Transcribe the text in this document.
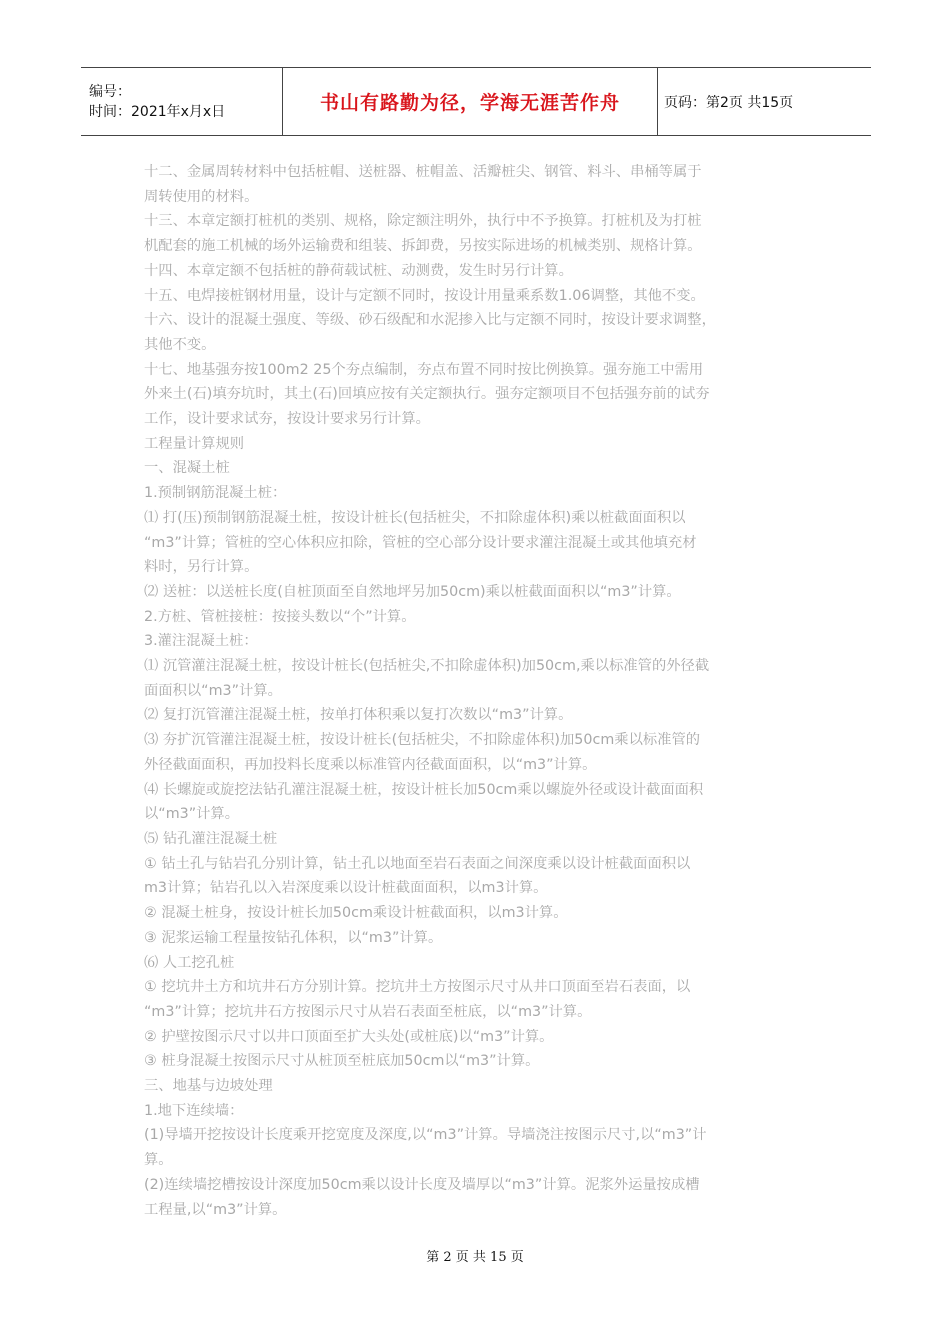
编号：
时间：2021年x月x日	书山有路勤为径，学海无涯苦作舟	页码：第2页 共15页

十二、金属周转材料中包括桩帽、送桩器、桩帽盖、活瓣桩尖、钢管、料斗、串桶等属于

周转使用的材料。

十三、本章定额打桩机的类别、规格，除定额注明外，执行中不予换算。打桩机及为打桩

机配套的施工机械的场外运输费和组装、拆卸费，另按实际进场的机械类别、规格计算。

十四、本章定额不包括桩的静荷载试桩、动测费，发生时另行计算。

十五、电焊接桩钢材用量，设计与定额不同时，按设计用量乘系数1.06调整，其他不变。

十六、设计的混凝土强度、等级、砂石级配和水泥掺入比与定额不同时，按设计要求调整，

其他不变。

十七、地基强夯按100m2 25个夯点编制，夯点布置不同时按比例换算。强夯施工中需用

外来土(石)填夯坑时，其土(石)回填应按有关定额执行。强夯定额项目不包括强夯前的试夯

工作，设计要求试夯，按设计要求另行计算。

工程量计算规则

一、混凝土桩

1.预制钢筋混凝土桩：

⑴ 打(压)预制钢筋混凝土桩，按设计桩长(包括桩尖，不扣除虚体积)乘以桩截面面积以

“m3”计算；管桩的空心体积应扣除，管桩的空心部分设计要求灌注混凝土或其他填充材

料时，另行计算。

⑵ 送桩：以送桩长度(自桩顶面至自然地坪另加50cm)乘以桩截面面积以“m3”计算。

2.方桩、管桩接桩：按接头数以“个”计算。

3.灌注混凝土桩：

⑴ 沉管灌注混凝土桩，按设计桩长(包括桩尖,不扣除虚体积)加50cm,乘以标准管的外径截

面面积以“m3”计算。

⑵ 复打沉管灌注混凝土桩，按单打体积乘以复打次数以“m3”计算。

⑶ 夯扩沉管灌注混凝土桩，按设计桩长(包括桩尖，不扣除虚体积)加50cm乘以标准管的

外径截面面积，再加投料长度乘以标准管内径截面面积，以“m3”计算。

⑷ 长螺旋或旋挖法钻孔灌注混凝土桩，按设计桩长加50cm乘以螺旋外径或设计截面面积

以“m3”计算。

⑸ 钻孔灌注混凝土桩

① 钻土孔与钻岩孔分别计算，钻土孔以地面至岩石表面之间深度乘以设计桩截面面积以

m3计算；钻岩孔以入岩深度乘以设计桩截面面积，以m3计算。

② 混凝土桩身，按设计桩长加50cm乘设计桩截面积，以m3计算。

③ 泥浆运输工程量按钻孔体积，以“m3”计算。

⑹ 人工挖孔桩

① 挖坑井土方和坑井石方分别计算。挖坑井土方按图示尺寸从井口顶面至岩石表面，以

“m3”计算；挖坑井石方按图示尺寸从岩石表面至桩底，以“m3”计算。

② 护壁按图示尺寸以井口顶面至扩大头处(或桩底)以“m3”计算。

③ 桩身混凝土按图示尺寸从桩顶至桩底加50cm以“m3”计算。

三、地基与边坡处理

1.地下连续墙：

(1)导墙开挖按设计长度乘开挖宽度及深度,以“m3”计算。导墙浇注按图示尺寸,以“m3”计

算。

(2)连续墙挖槽按设计深度加50cm乘以设计长度及墙厚以“m3”计算。泥浆外运量按成槽

工程量,以“m3”计算。

第 2 页 共 15 页
